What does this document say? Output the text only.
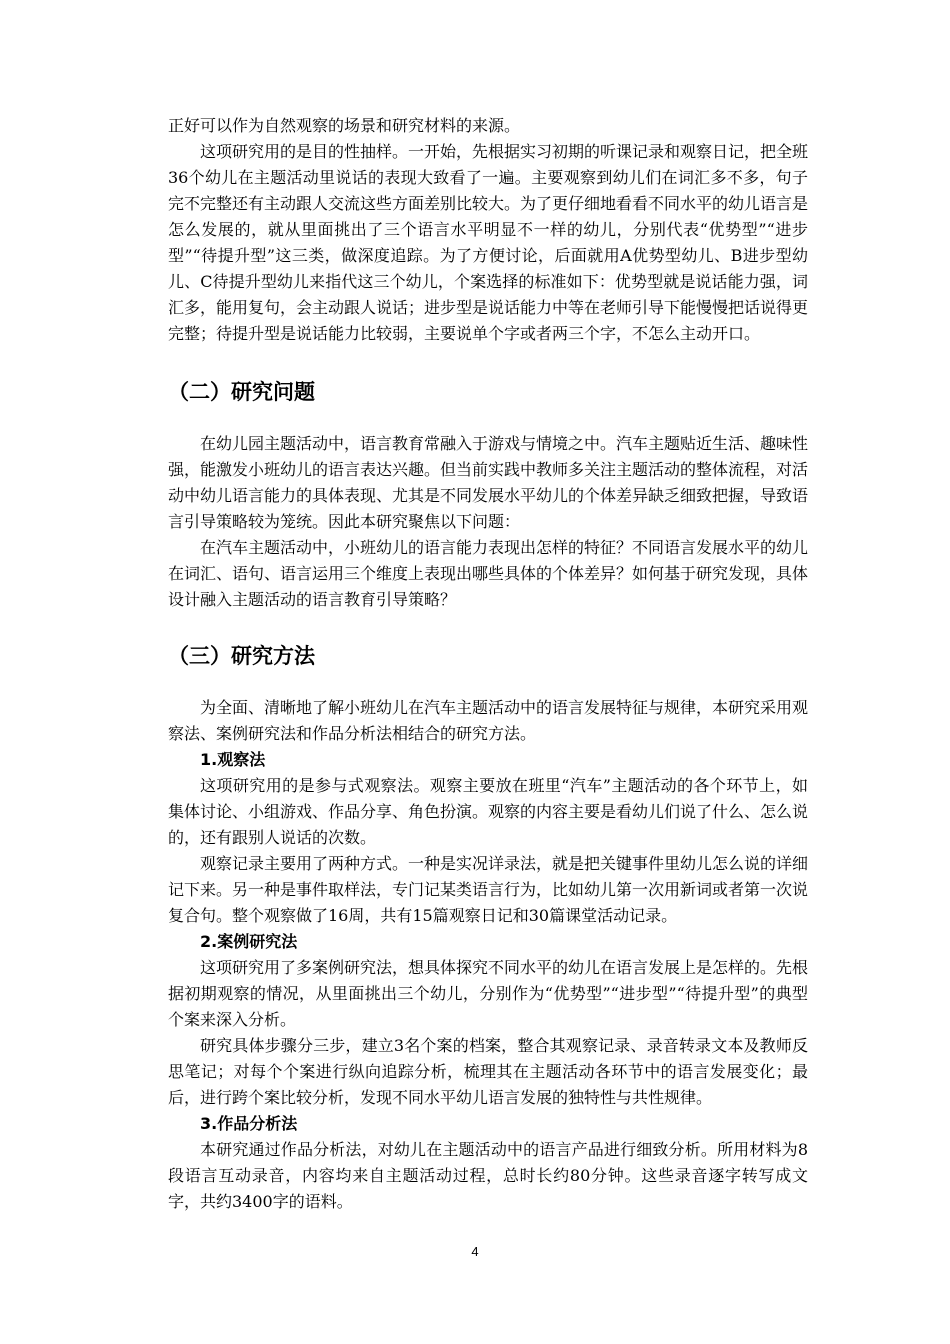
正好可以作为自然观察的场景和研究材料的来源。

这项研究用的是目的性抽样。一开始，先根据实习初期的听课记录和观察日记，把全班36个幼儿在主题活动里说话的表现大致看了一遍。主要观察到幼儿们在词汇多不多，句子完不完整还有主动跟人交流这些方面差别比较大。为了更仔细地看看不同水平的幼儿语言是怎么发展的，就从里面挑出了三个语言水平明显不一样的幼儿，分别代表“优势型”“进步型”“待提升型”这三类，做深度追踪。为了方便讨论，后面就用A优势型幼儿、B进步型幼儿、C待提升型幼儿来指代这三个幼儿，个案选择的标准如下：优势型就是说话能力强，词汇多，能用复句，会主动跟人说话；进步型是说话能力中等在老师引导下能慢慢把话说得更完整；待提升型是说话能力比较弱，主要说单个字或者两三个字，不怎么主动开口。

（二）研究问题

在幼儿园主题活动中，语言教育常融入于游戏与情境之中。汽车主题贴近生活、趣味性强，能激发小班幼儿的语言表达兴趣。但当前实践中教师多关注主题活动的整体流程，对活动中幼儿语言能力的具体表现、尤其是不同发展水平幼儿的个体差异缺乏细致把握，导致语言引导策略较为笼统。因此本研究聚焦以下问题：

在汽车主题活动中，小班幼儿的语言能力表现出怎样的特征？不同语言发展水平的幼儿在词汇、语句、语言运用三个维度上表现出哪些具体的个体差异？如何基于研究发现，具体设计融入主题活动的语言教育引导策略？

（三）研究方法

为全面、清晰地了解小班幼儿在汽车主题活动中的语言发展特征与规律，本研究采用观察法、案例研究法和作品分析法相结合的研究方法。

1.观察法

这项研究用的是参与式观察法。观察主要放在班里“汽车”主题活动的各个环节上，如集体讨论、小组游戏、作品分享、角色扮演。观察的内容主要是看幼儿们说了什么、怎么说的，还有跟别人说话的次数。

观察记录主要用了两种方式。一种是实况详录法，就是把关键事件里幼儿怎么说的详细记下来。另一种是事件取样法，专门记某类语言行为，比如幼儿第一次用新词或者第一次说复合句。整个观察做了16周，共有15篇观察日记和30篇课堂活动记录。

2.案例研究法

这项研究用了多案例研究法，想具体探究不同水平的幼儿在语言发展上是怎样的。先根据初期观察的情况，从里面挑出三个幼儿，分别作为“优势型”“进步型”“待提升型”的典型个案来深入分析。

研究具体步骤分三步，建立3名个案的档案，整合其观察记录、录音转录文本及教师反思笔记；对每个个案进行纵向追踪分析，梳理其在主题活动各环节中的语言发展变化；最后，进行跨个案比较分析，发现不同水平幼儿语言发展的独特性与共性规律。

3.作品分析法

本研究通过作品分析法，对幼儿在主题活动中的语言产品进行细致分析。所用材料为8段语言互动录音，内容均来自主题活动过程，总时长约80分钟。这些录音逐字转写成文字，共约3400字的语料。

4
